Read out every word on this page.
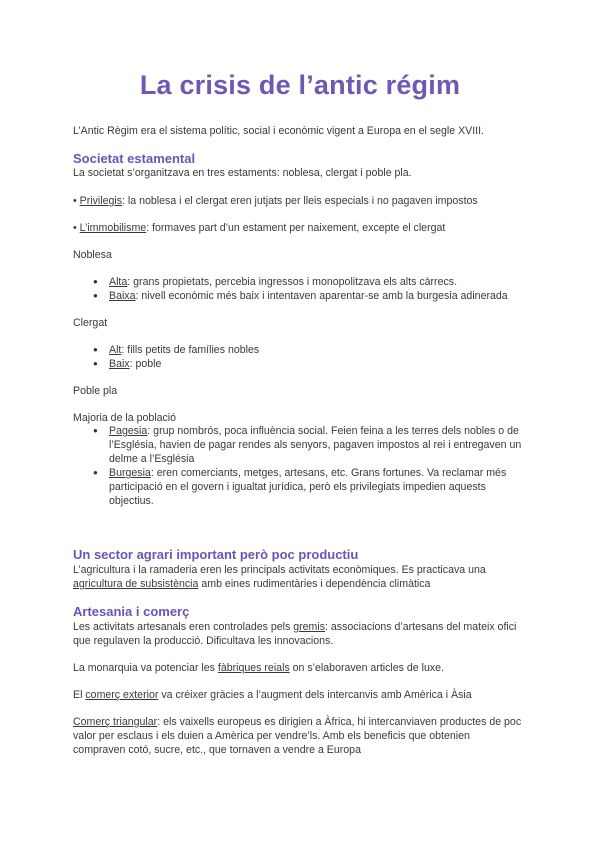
La crisis de l’antic régim

L’Antic Règim era el sistema polític, social i econòmic vigent a Europa en el segle XVIII.

Societat estamental

La societat s’organitzava en tres estaments: noblesa, clergat i poble pla.

• Privilegis: la noblesa i el clergat eren jutjats per lleis especials i no pagaven impostos

• L’immobilisme: formaves part d’un estament per naixement, excepte el clergat

Noblesa

● Alta: grans propietats, percebia ingressos i monopolitzava els alts càrrecs.
● Baixa: nivell econòmic més baix i intentaven aparentar-se amb la burgesia adinerada

Clergat

● Alt: fills petits de famílies nobles
● Baix: poble

Poble pla

Majoria de la població

● Pagesia: grup nombrós, poca influència social. Feien feina a les terres dels nobles o de l’Església, havien de pagar rendes als senyors, pagaven impostos al rei i entregaven un delme a l’Església
● Burgesia: eren comerciants, metges, artesans, etc. Grans fortunes. Va reclamar més participació en el govern i igualtat jurídica, però els privilegiats impedien aquests objectius.
Un sector agrari important però poc productiu

L’agricultura i la ramaderia eren les principals activitats econòmiques. Es practicava una

agricultura de subsistència amb eines rudimentàries i dependència climàtica

Artesania i comerç

Les activitats artesanals eren controlades pels gremis: associacions d’artesans del mateix ofici que regulaven la producció. Dificultava les innovacions.

La monarquia va potenciar les fàbriques reials on s’elaboraven articles de luxe.

El comerç exterior va créixer gràcies a l’augment dels intercanvis amb Amèrica i Àsia

Comerç triangular: els vaixells europeus es dirigien a Àfrica, hi intercanviaven productes de poc valor per esclaus i els duien a Amèrica per vendre’ls. Amb els beneficis que obtenien compraven cotó, sucre, etc., que tornaven a vendre a Europa
